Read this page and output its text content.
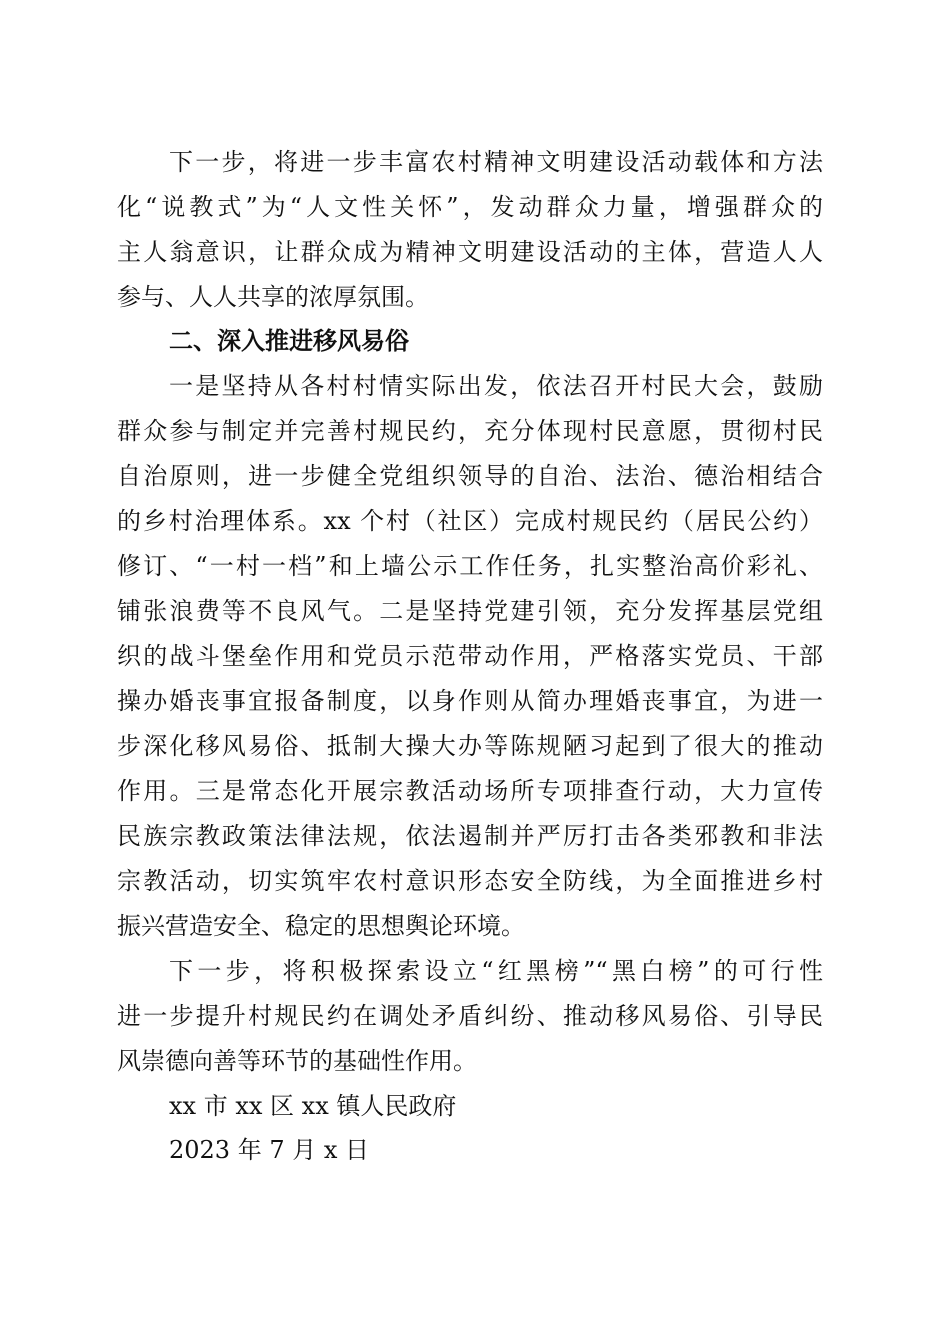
下一步，将进一步丰富农村精神文明建设活动载体和方法
化“说教式”为“人文性关怀”，发动群众力量，增强群众的
主人翁意识，让群众成为精神文明建设活动的主体，营造人人
参与、人人共享的浓厚氛围。
二、深入推进移风易俗
一是坚持从各村村情实际出发，依法召开村民大会，鼓励
群众参与制定并完善村规民约，充分体现村民意愿，贯彻村民
自治原则，进一步健全党组织领导的自治、法治、德治相结合
的乡村治理体系。xx 个村（社区）完成村规民约（居民公约）
修订、“一村一档”和上墙公示工作任务，扎实整治高价彩礼、
铺张浪费等不良风气。二是坚持党建引领，充分发挥基层党组
织的战斗堡垒作用和党员示范带动作用，严格落实党员、干部
操办婚丧事宜报备制度，以身作则从简办理婚丧事宜，为进一
步深化移风易俗、抵制大操大办等陈规陋习起到了很大的推动
作用。三是常态化开展宗教活动场所专项排查行动，大力宣传
民族宗教政策法律法规，依法遏制并严厉打击各类邪教和非法
宗教活动，切实筑牢农村意识形态安全防线，为全面推进乡村
振兴营造安全、稳定的思想舆论环境。
下一步，将积极探索设立“红黑榜”“黑白榜”的可行性
进一步提升村规民约在调处矛盾纠纷、推动移风易俗、引导民
风崇德向善等环节的基础性作用。
xx 市 xx 区 xx 镇人民政府
2023 年 7 月 x 日
